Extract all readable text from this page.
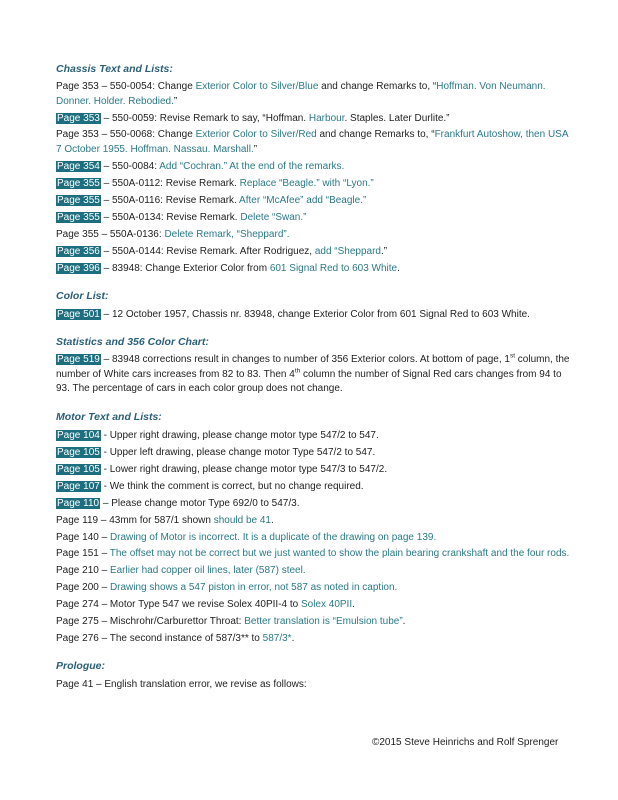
Chassis Text and Lists:

Page 353 – 550-0054: Change Exterior Color to Silver/Blue and change Remarks to, “Hoffman. Von Neumann. Donner. Holder. Rebodied.”

Page 353 – 550-0059: Revise Remark to say, “Hoffman. Harbour. Staples. Later Durlite.”

Page 353 – 550-0068: Change Exterior Color to Silver/Red and change Remarks to, “Frankfurt Autoshow, then USA 7 October 1955. Hoffman. Nassau. Marshall.”

Page 354 – 550-0084: Add “Cochran.” At the end of the remarks.

Page 355 – 550A-0112: Revise Remark. Replace “Beagle.” with “Lyon.”

Page 355 – 550A-0116: Revise Remark. After “McAfee” add “Beagle.”

Page 355 – 550A-0134: Revise Remark. Delete “Swan.”

Page 355 – 550A-0136: Delete Remark, “Sheppard”.

Page 356 – 550A-0144: Revise Remark. After Rodriguez, add “Sheppard.”

Page 396 – 83948: Change Exterior Color from 601 Signal Red to 603 White.

Color List:

Page 501 – 12 October 1957, Chassis nr. 83948, change Exterior Color from 601 Signal Red to 603 White.

Statistics and 356 Color Chart:

Page 519 – 83948 corrections result in changes to number of 356 Exterior colors. At bottom of page, 1st column, the number of White cars increases from 82 to 83. Then 4th column the number of Signal Red cars changes from 94 to 93. The percentage of cars in each color group does not change.

Motor Text and Lists:

Page 104 - Upper right drawing, please change motor type 547/2 to 547.

Page 105 - Upper left drawing, please change motor Type 547/2 to 547.

Page 105 - Lower right drawing, please change motor type 547/3 to 547/2.

Page 107 - We think the comment is correct, but no change required.

Page 110 – Please change motor Type 692/0 to 547/3.

Page 119 – 43mm for 587/1 shown should be 41.

Page 140 – Drawing of Motor is incorrect. It is a duplicate of the drawing on page 139.

Page 151 – The offset may not be correct but we just wanted to show the plain bearing crankshaft and the four rods.

Page 210 – Earlier had copper oil lines, later (587) steel.

Page 200 – Drawing shows a 547 piston in error, not 587 as noted in caption.

Page 274 – Motor Type 547 we revise Solex 40PII-4 to Solex 40PII.

Page 275 – Mischrohr/Carburettor Throat: Better translation is “Emulsion tube”.

Page 276 – The second instance of 587/3** to 587/3*.

Prologue:

Page 41 – English translation error, we revise as follows:

©2015 Steve Heinrichs and Rolf Sprenger
